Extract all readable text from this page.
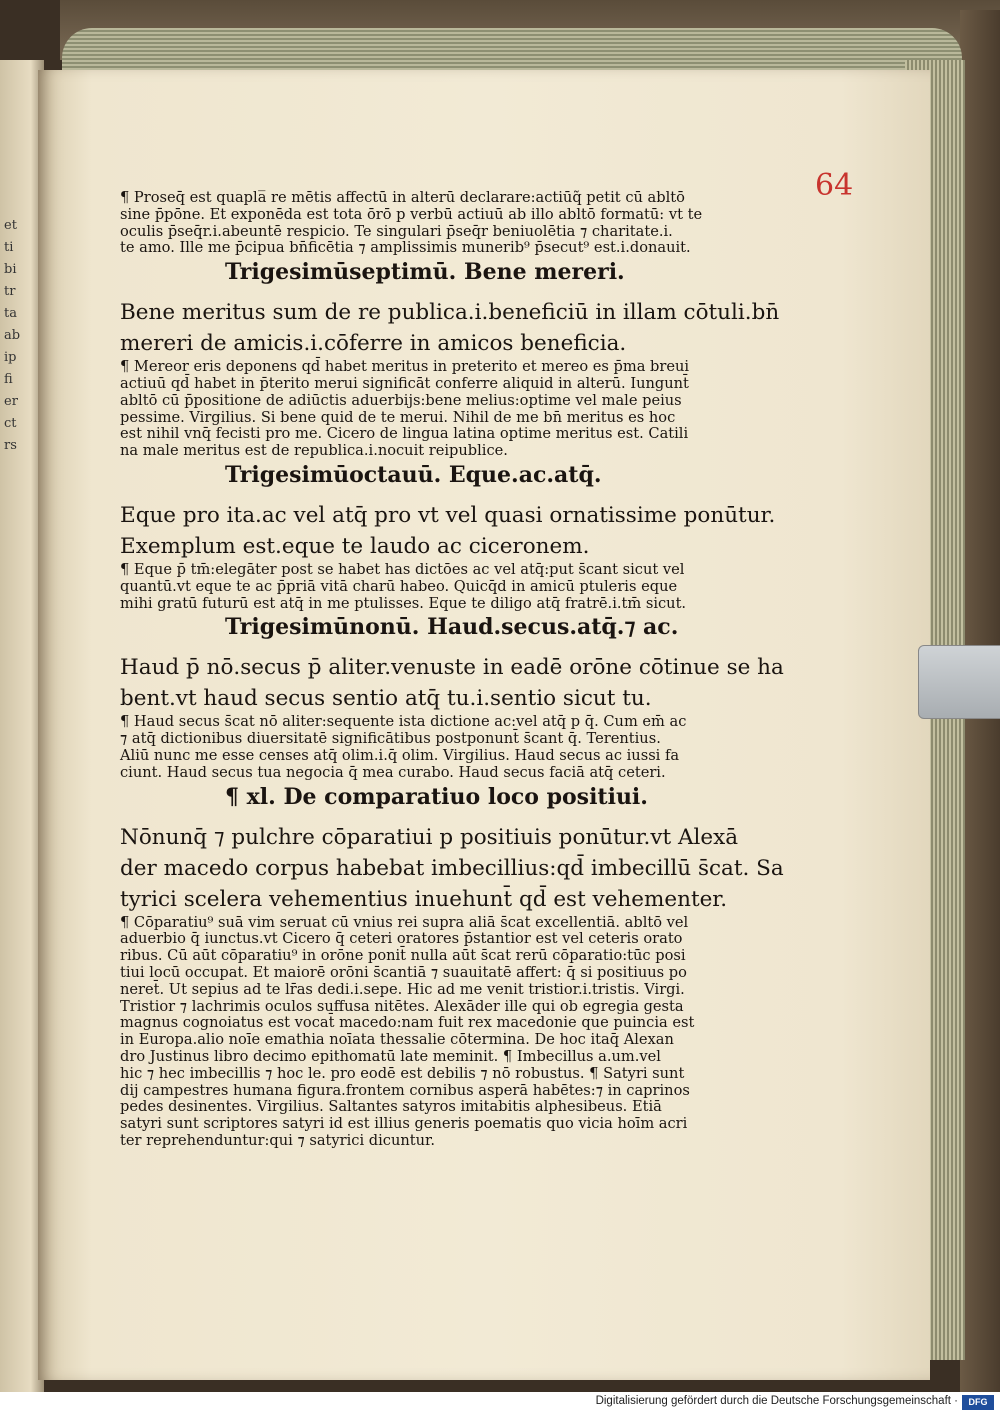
et
ti
bi
tr
ta
ab
ip
fi
er
ct
rs
64

¶ Proseq̄ est quapla̅ re mētis affectū in alterū declarare:actiūq̃ petit cū abltō

sine p̄pōne. Et exponēda est tota ōrō p verbū actiuū ab illo abltō formatū: vt te

oculis p̄seq̄r.i.abeuntē respicio. Te singulari p̄seq̄r beniuolētia ⁊ charitate.i.

te amo. Ille me p̄cipua bn̄ficētia ⁊ amplissimis munerib⁹ p̄secut⁹ est.i.donauit.

Trigesimūseptimū. Bene mereri.

Bene meritus sum de re publica.i.beneficiū in illam cōtuli.bn̄

mereri de amicis.i.cōferre in amicos beneficia.

¶ Mereor eris deponens qd̄ habet meritus in preterito et mereo es p̄ma breui

actiuū qd̄ habet in p̄terito merui significāt conferre aliquid in alterū. Iungunt̄

abltō cū p̄positione de adiūctis aduerbijs:bene melius:optime vel male peius

pessime. Virgilius. Si bene quid de te merui. Nihil de me bn̄ meritus es hoc

est nihil vnq̄ fecisti pro me. Cicero de lingua latina optime meritus est. Catili

na male meritus est de republica.i.nocuit reipublice.

Trigesimūoctauū. Eque.ac.atq̄.

Eque pro ita.ac vel atq̄ pro vt vel quasi ornatissime ponūtur.

Exemplum est.eque te laudo ac ciceronem.

¶ Eque p̄ tm̄:elegāter post se habet has dictōes ac vel atq̄:put s̄cant sicut vel

quantū.vt eque te ac p̄priā vitā charū habeo. Quicq̄d in amicū ptuleris eque

mihi gratū futurū est atq̄ in me ptulisses. Eque te diligo atq̄ fratrē.i.tm̄ sicut.

Trigesimūnonū. Haud.secus.atq̄.⁊ ac.

Haud p̄ nō.secus p̄ aliter.venuste in eadē orōne cōtinue se ha

bent.vt haud secus sentio atq̄ tu.i.sentio sicut tu.

¶ Haud secus s̄cat nō aliter:sequente ista dictione ac:vel atq̄ p q̄. Cum em̄ ac

⁊ atq̄ dictionibus diuersitatē significātibus postponunt̄ s̄cant q̄. Terentius.

Aliū nunc me esse censes atq̄ olim.i.q̄ olim. Virgilius. Haud secus ac iussi fa

ciunt. Haud secus tua negocia q̄ mea curabo. Haud secus faciā atq̄ ceteri.

¶ xl. De comparatiuo loco positiui.

Nōnunq̄ ⁊ pulchre cōparatiui p positiuis ponūtur.vt Alexā

der macedo corpus habebat imbecillius:qd̄ imbecillū s̄cat. Sa

tyrici scelera vehementius inuehunt̄ qd̄ est vehementer.

¶ Cōparatiu⁹ suā vim seruat cū vnius rei supra aliā s̄cat excellentiā. abltō vel

aduerbio q̄ iunctus.vt Cicero q̄ ceteri oratores p̄stantior est vel ceteris orato

ribus. Cū aūt cōparatiu⁹ in orōne ponit̄ nulla aūt s̄cat rerū cōparatio:tūc posi

tiui locū occupat. Et maiorē orōni s̄cantiā ⁊ suauitatē affert: q̄ si positiuus po

neret̄. Ut sepius ad te lr̄as dedi.i.sepe. Hic ad me venit tristior.i.tristis. Virgi.

Tristior ⁊ lachrimis oculos suffusa nitētes. Alexāder ille qui ob egregia gesta

magnus cognoiatus est vocat̄ macedo:nam fuit rex macedonie que puincia est

in Europa.alio noīe emathia noīata thessalie cōtermina. De hoc itaq̄ Alexan

dro Justinus libro decimo epithomatū late meminit. ¶ Imbecillus a.um.vel

hic ⁊ hec imbecillis ⁊ hoc le. pro eodē est debilis ⁊ nō robustus. ¶ Satyri sunt

dij campestres humana figura.frontem cornibus asperā habētes:⁊ in caprinos

pedes desinentes. Virgilius. Saltantes satyros imitabitis alphesibeus. Etiā

satyri sunt scriptores satyri id est illius generis poematis quo vicia hoīm acri

ter reprehenduntur:qui ⁊ satyrici dicuntur.

Digitalisierung gefördert durch die Deutsche Forschungsgemeinschaft ·	DFG
